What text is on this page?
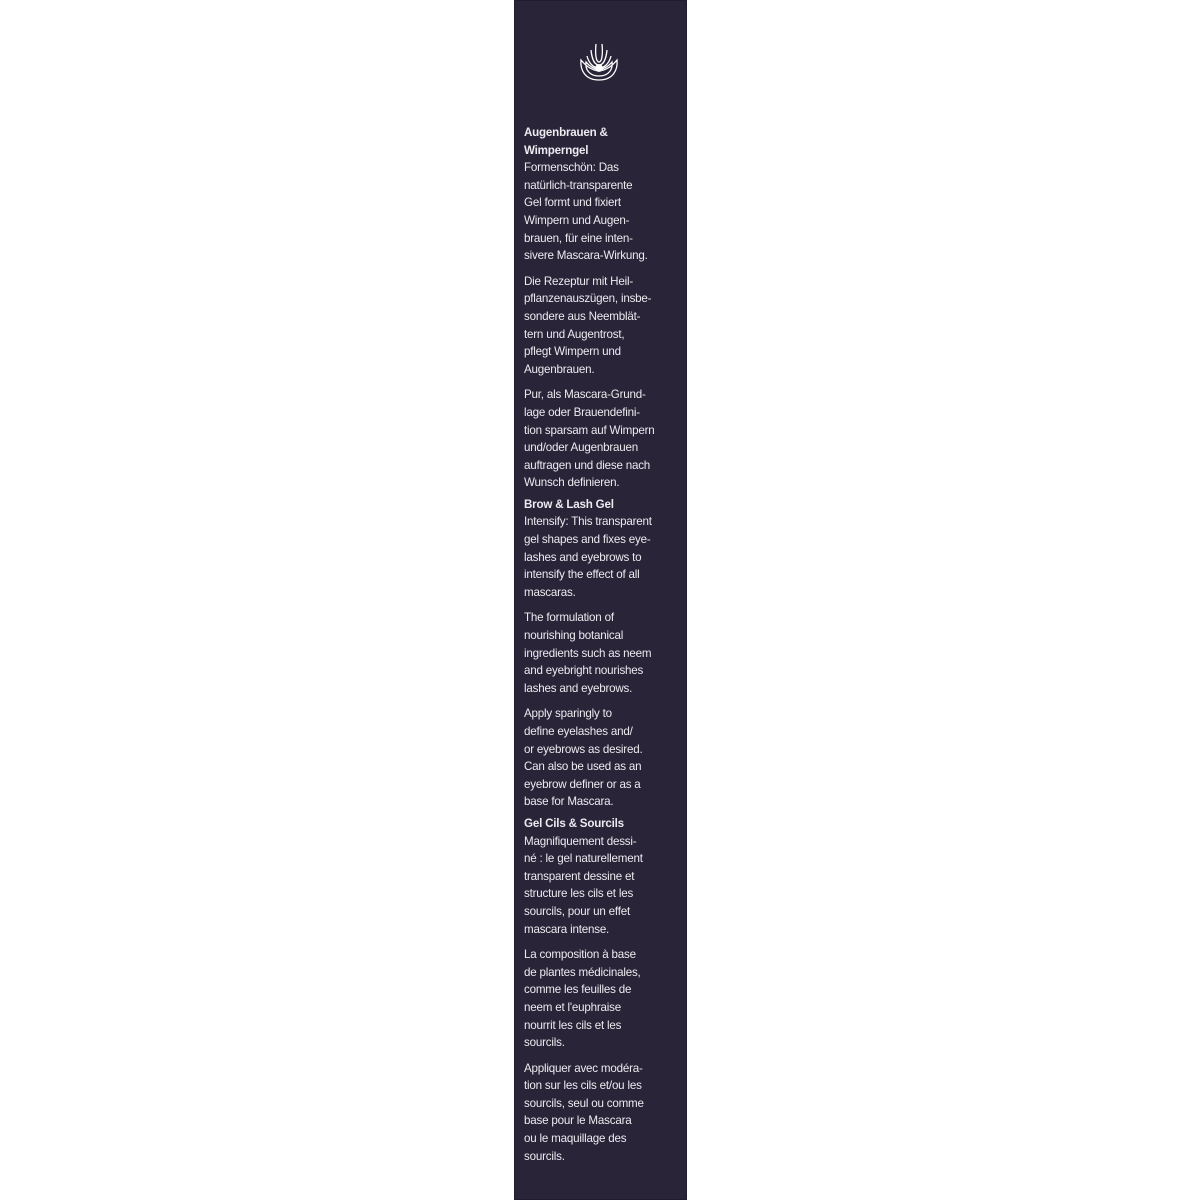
Augenbrauen &
Wimperngel
Formenschön: Das
natürlich-transparente
Gel formt und fixiert
Wimpern und Augen-
brauen, für eine inten-
sivere Mascara-Wirkung.
Die Rezeptur mit Heil-
pflanzenauszügen, insbe-
sondere aus Neemblät-
tern und Augentrost,
pflegt Wimpern und
Augenbrauen.
Pur, als Mascara-Grund-
lage oder Brauendefini-
tion sparsam auf Wimpern
und/oder Augenbrauen
auftragen und diese nach
Wunsch definieren.
Brow & Lash Gel
Intensify: This transparent
gel shapes and fixes eye-
lashes and eyebrows to
intensify the effect of all
mascaras.
The formulation of
nourishing botanical
ingredients such as neem
and eyebright nourishes
lashes and eyebrows.
Apply sparingly to
define eyelashes and/
or eyebrows as desired.
Can also be used as an
eyebrow definer or as a
base for Mascara.
Gel Cils & Sourcils
Magnifiquement dessi-
né : le gel naturellement
transparent dessine et
structure les cils et les
sourcils, pour un effet
mascara intense.
La composition à base
de plantes médicinales,
comme les feuilles de
neem et l'euphraise
nourrit les cils et les
sourcils.
Appliquer avec modéra-
tion sur les cils et/ou les
sourcils, seul ou comme
base pour le Mascara
ou le maquillage des
sourcils.
